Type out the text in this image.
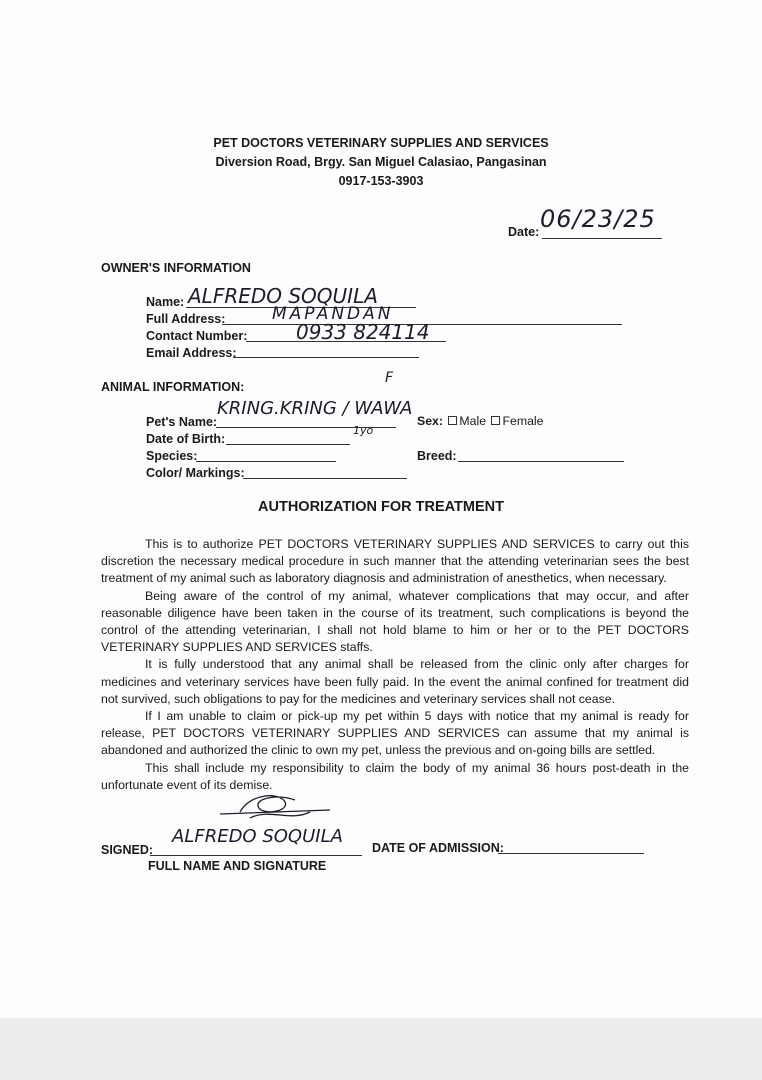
PET DOCTORS VETERINARY SUPPLIES AND SERVICES
Diversion Road, Brgy. San Miguel Calasiao, Pangasinan
0917-153-3903
Date: 06/23/25
OWNER'S INFORMATION
Name: ALFREDO SOQUILA
Full Address:	MAPANDAN
Contact Number: 0933 824114
Email Address:
ANIMAL INFORMATION:
F
Pet's Name:
KRING.KRING / WAWA
Sex: Male Female
Date of Birth:
1yo
Species:	Breed:
Color/ Markings:
AUTHORIZATION FOR TREATMENT

This is to authorize PET DOCTORS VETERINARY SUPPLIES AND SERVICES to carry out this discretion the necessary medical procedure in such manner that the attending veterinarian sees the best treatment of my animal such as laboratory diagnosis and administration of anesthetics, when necessary.

Being aware of the control of my animal, whatever complications that may occur, and after reasonable diligence have been taken in the course of its treatment, such complications is beyond the control of the attending veterinarian, I shall not hold blame to him or her or to the PET DOCTORS VETERINARY SUPPLIES AND SERVICES staffs.

It is fully understood that any animal shall be released from the clinic only after charges for medicines and veterinary services have been fully paid. In the event the animal confined for treatment did not survived, such obligations to pay for the medicines and veterinary services shall not cease.

If I am unable to claim or pick-up my pet within 5 days with notice that my animal is ready for release, PET DOCTORS VETERINARY SUPPLIES AND SERVICES can assume that my animal is abandoned and authorized the clinic to own my pet, unless the previous and on-going bills are settled.

This shall include my responsibility to claim the body of my animal 36 hours post-death in the unfortunate event of its demise.

SIGNED:
ALFREDO SOQUILA
FULL NAME AND SIGNATURE
DATE OF ADMISSION:
